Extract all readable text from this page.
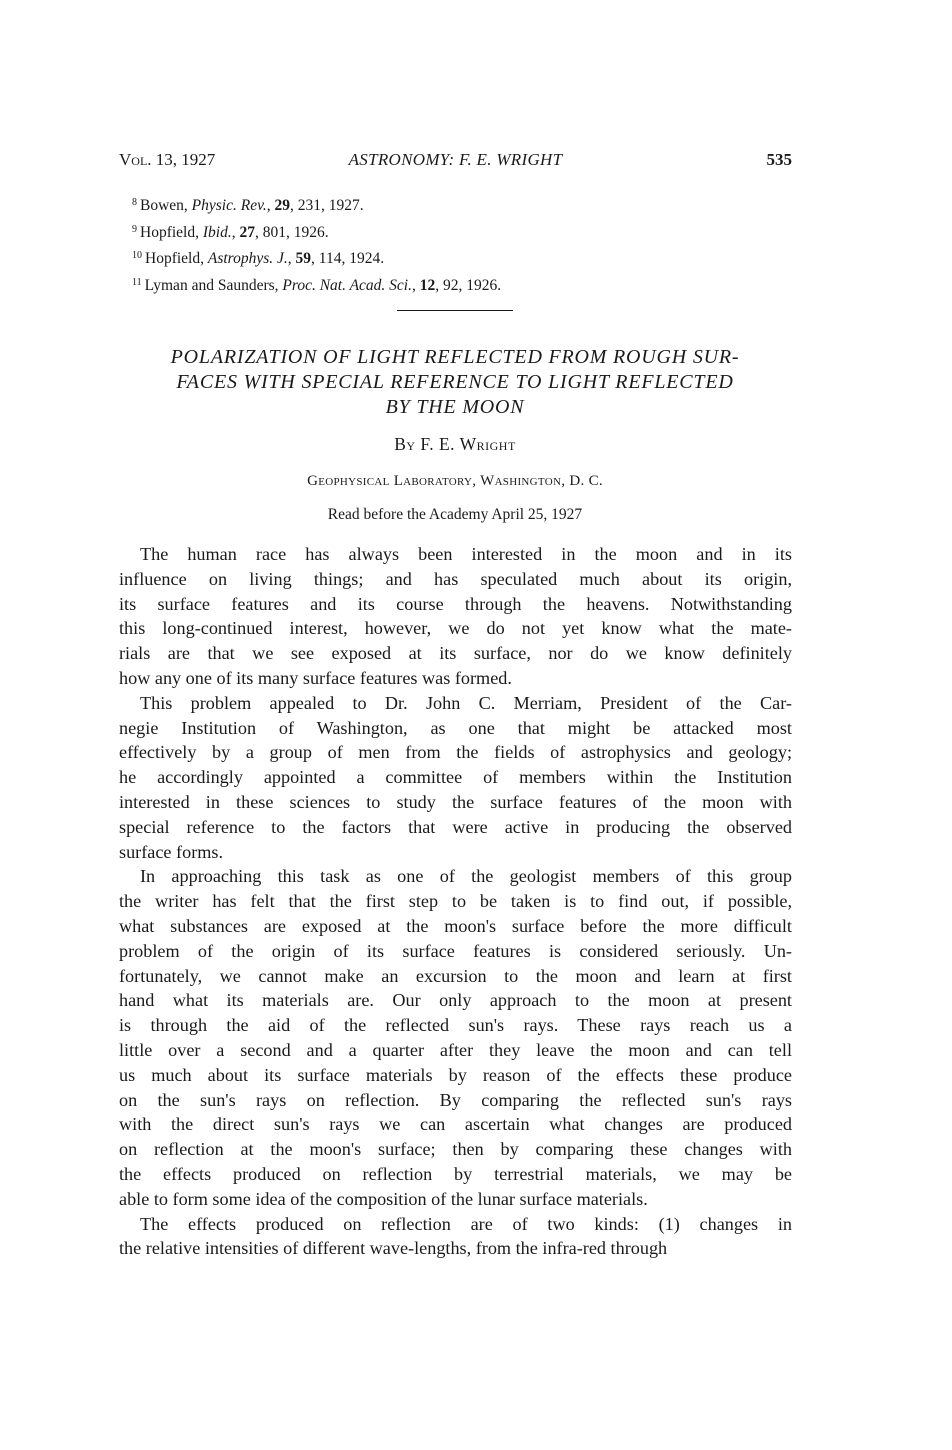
Vol. 13, 1927	ASTRONOMY: F. E. WRIGHT	535
$^8$ Bowen, Physic. Rev., 29, 231, 1927.
$^9$ Hopfield, Ibid., 27, 801, 1926.
$^{10}$ Hopfield, Astrophys. J., 59, 114, 1924.
$^{11}$ Lyman and Saunders, Proc. Nat. Acad. Sci., 12, 92, 1926.
POLARIZATION OF LIGHT REFLECTED FROM ROUGH SUR-
FACES WITH SPECIAL REFERENCE TO LIGHT REFLECTED
BY THE MOON
By F. E. Wright
Geophysical Laboratory, Washington, D. C.
Read before the Academy April 25, 1927
The human race has always been interested in the moon and in its
influence on living things; and has speculated much about its origin,
its surface features and its course through the heavens. Notwithstanding
this long-continued interest, however, we do not yet know what the mate-
rials are that we see exposed at its surface, nor do we know definitely
how any one of its many surface features was formed.
This problem appealed to Dr. John C. Merriam, President of the Car-
negie Institution of Washington, as one that might be attacked most
effectively by a group of men from the fields of astrophysics and geology;
he accordingly appointed a committee of members within the Institution
interested in these sciences to study the surface features of the moon with
special reference to the factors that were active in producing the observed
surface forms.
In approaching this task as one of the geologist members of this group
the writer has felt that the first step to be taken is to find out, if possible,
what substances are exposed at the moon's surface before the more difficult
problem of the origin of its surface features is considered seriously. Un-
fortunately, we cannot make an excursion to the moon and learn at first
hand what its materials are. Our only approach to the moon at present
is through the aid of the reflected sun's rays. These rays reach us a
little over a second and a quarter after they leave the moon and can tell
us much about its surface materials by reason of the effects these produce
on the sun's rays on reflection. By comparing the reflected sun's rays
with the direct sun's rays we can ascertain what changes are produced
on reflection at the moon's surface; then by comparing these changes with
the effects produced on reflection by terrestrial materials, we may be
able to form some idea of the composition of the lunar surface materials.
The effects produced on reflection are of two kinds: (1) changes in
the relative intensities of different wave-lengths, from the infra-red through
